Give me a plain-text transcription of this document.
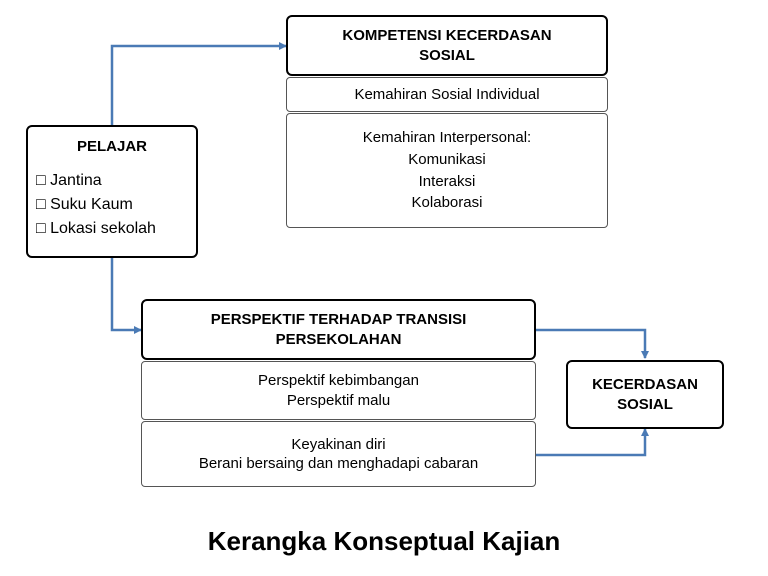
PELAJAR
□ Jantina
□ Suku Kaum
□ Lokasi sekolah
KOMPETENSI KECERDASAN
SOSIAL
Kemahiran Sosial Individual
Kemahiran Interpersonal:
Komunikasi
Interaksi
Kolaborasi
PERSPEKTIF TERHADAP TRANSISI
PERSEKOLAHAN
Perspektif kebimbangan
Perspektif malu
Keyakinan diri
Berani bersaing dan menghadapi cabaran
KECERDASAN
SOSIAL
Kerangka Konseptual Kajian
